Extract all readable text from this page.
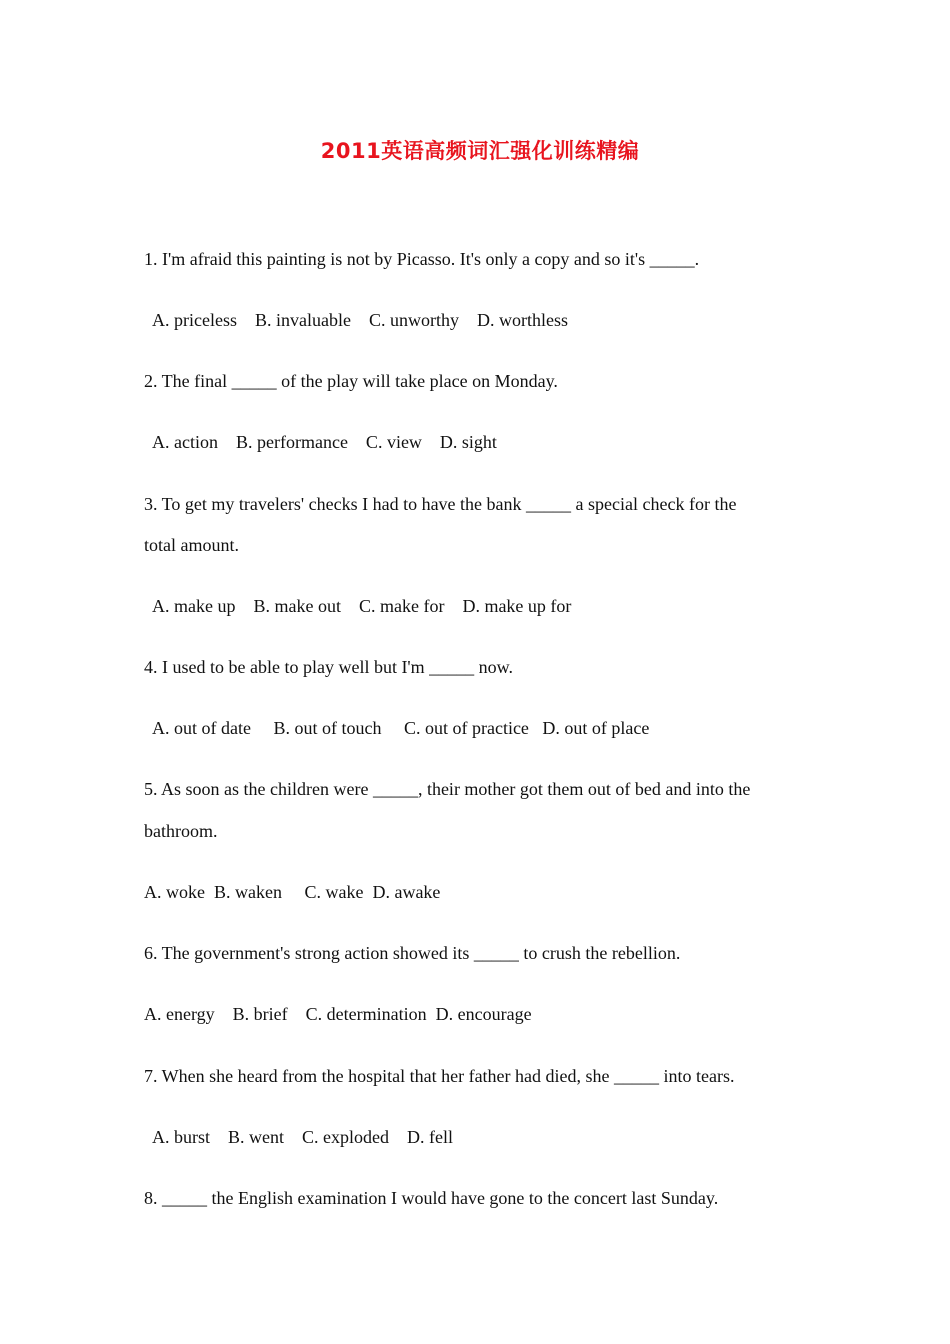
2011英语高频词汇强化训练精编
1. I'm afraid this painting is not by Picasso. It's only a copy and so it's _____.
A. priceless    B. invaluable    C. unworthy    D. worthless
2. The final _____ of the play will take place on Monday.
A. action    B. performance    C. view    D. sight
3. To get my travelers' checks I had to have the bank _____ a special check for the
total amount.
A. make up    B. make out    C. make for    D. make up for
4. I used to be able to play well but I'm _____ now.
A. out of date     B. out of touch     C. out of practice   D. out of place
5. As soon as the children were _____, their mother got them out of bed and into the
bathroom.
A. woke  B. waken     C. wake  D. awake
6. The government's strong action showed its _____ to crush the rebellion.
A. energy    B. brief    C. determination  D. encourage
7. When she heard from the hospital that her father had died, she _____ into tears.
A. burst    B. went    C. exploded    D. fell
8. _____ the English examination I would have gone to the concert last Sunday.
